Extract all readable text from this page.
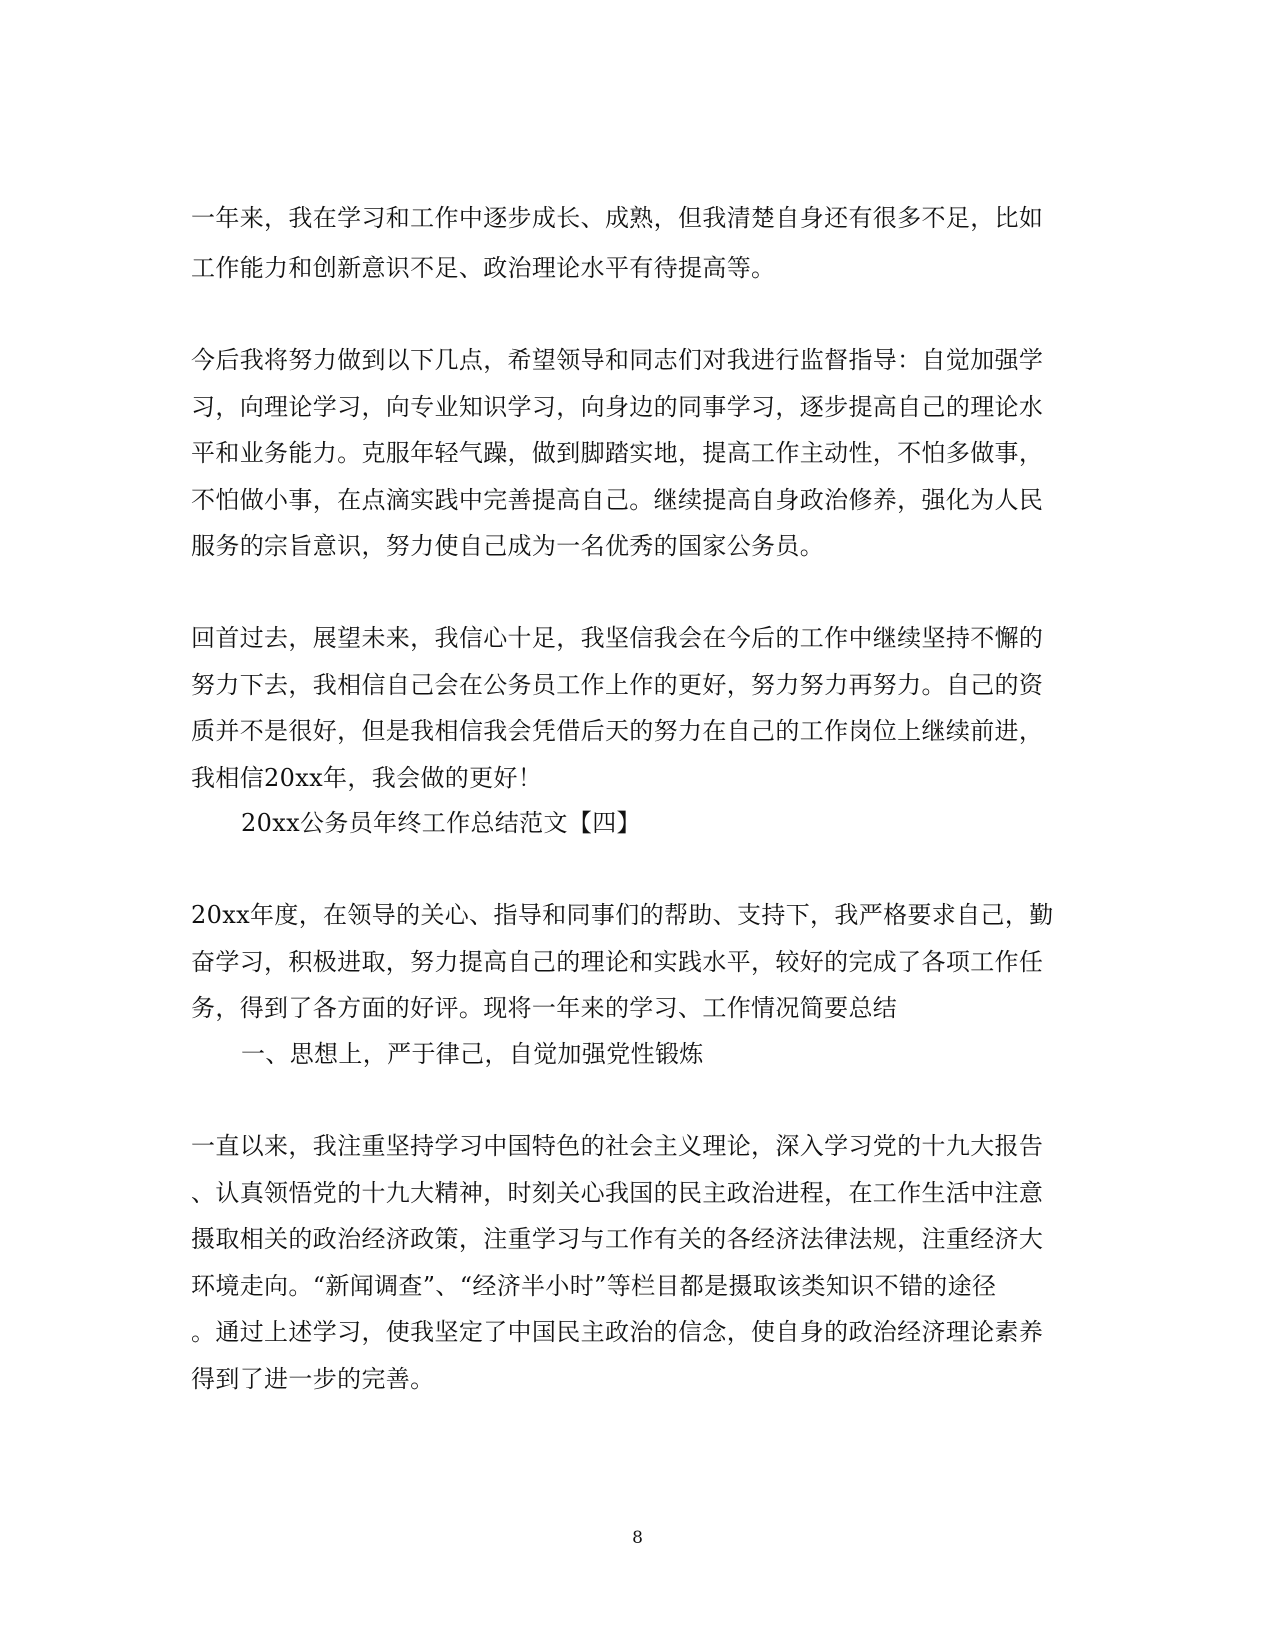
一年来，我在学习和工作中逐步成长、成熟，但我清楚自身还有很多不足，比如
工作能力和创新意识不足、政治理论水平有待提高等。
今后我将努力做到以下几点，希望领导和同志们对我进行监督指导：自觉加强学
习，向理论学习，向专业知识学习，向身边的同事学习，逐步提高自己的理论水
平和业务能力。克服年轻气躁，做到脚踏实地，提高工作主动性，不怕多做事，
不怕做小事，在点滴实践中完善提高自己。继续提高自身政治修养，强化为人民
服务的宗旨意识，努力使自己成为一名优秀的国家公务员。
回首过去，展望未来，我信心十足，我坚信我会在今后的工作中继续坚持不懈的
努力下去，我相信自己会在公务员工作上作的更好，努力努力再努力。自己的资
质并不是很好，但是我相信我会凭借后天的努力在自己的工作岗位上继续前进，
我相信20xx年，我会做的更好！
20xx公务员年终工作总结范文【四】
20xx年度，在领导的关心、指导和同事们的帮助、支持下，我严格要求自己，勤
奋学习，积极进取，努力提高自己的理论和实践水平，较好的完成了各项工作任
务，得到了各方面的好评。现将一年来的学习、工作情况简要总结
一、思想上，严于律己，自觉加强党性锻炼
一直以来，我注重坚持学习中国特色的社会主义理论，深入学习党的十九大报告
、认真领悟党的十九大精神，时刻关心我国的民主政治进程，在工作生活中注意
摄取相关的政治经济政策，注重学习与工作有关的各经济法律法规，注重经济大
环境走向。“新闻调查”、“经济半小时”等栏目都是摄取该类知识不错的途径
。通过上述学习，使我坚定了中国民主政治的信念，使自身的政治经济理论素养
得到了进一步的完善。
8
